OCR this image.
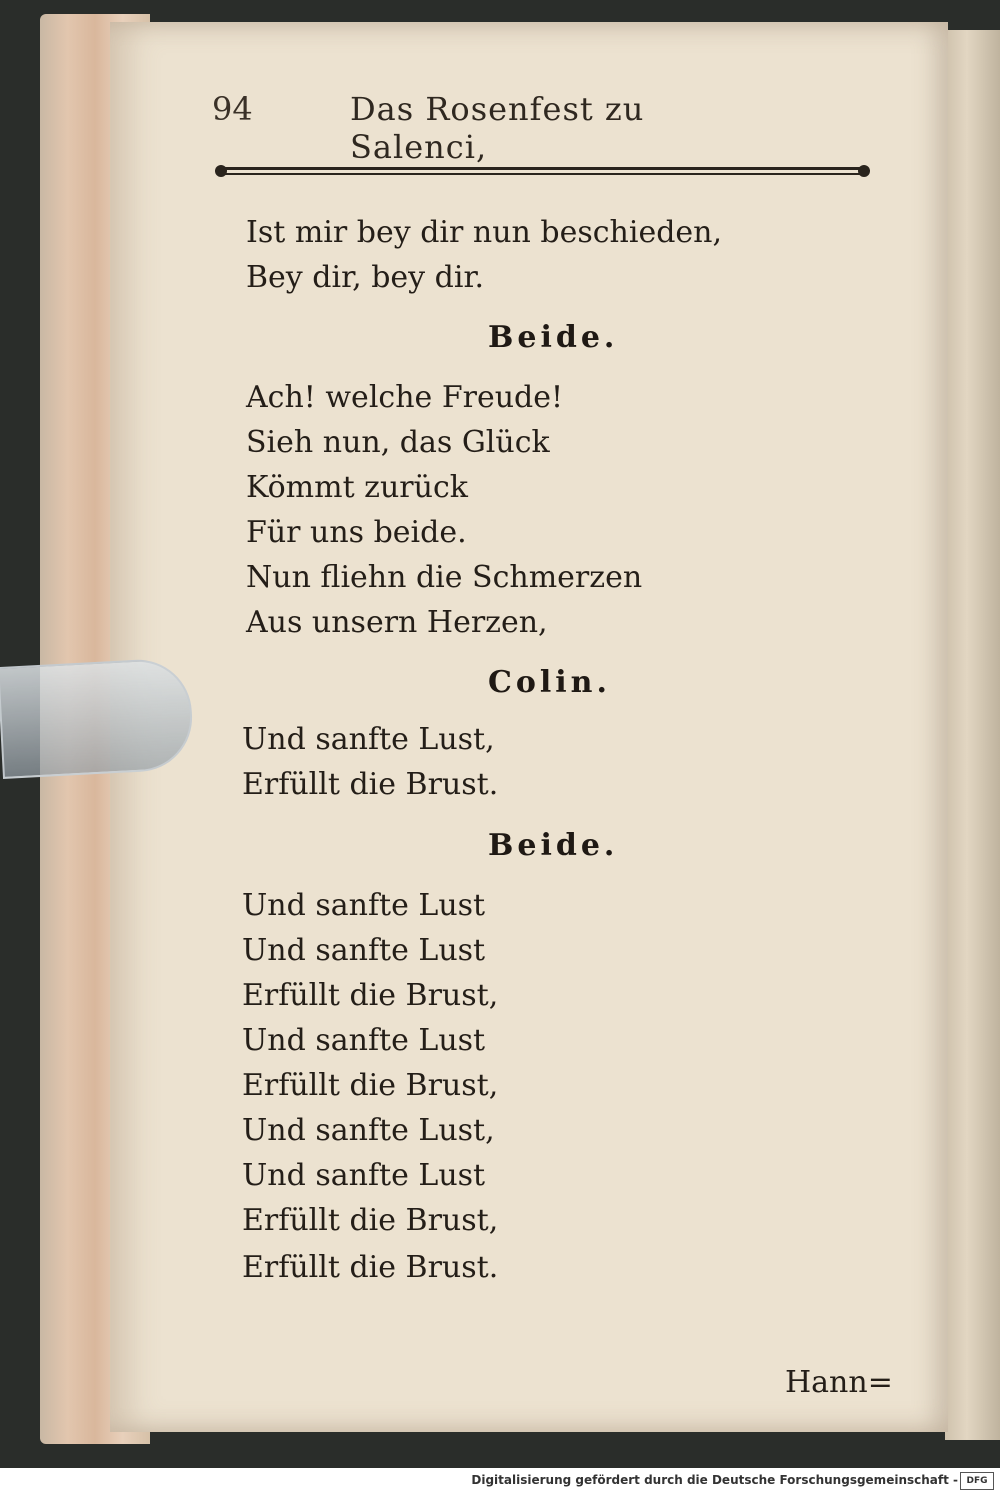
94	Das Rosenfest zu Salenci,
Ist mir bey dir nun beschieden,
Bey dir, bey dir.
Beide.
Ach! welche Freude!
Sieh nun, das Glück
Kömmt zurück
Für uns beide.
Nun fliehn die Schmerzen
Aus unsern Herzen,
Colin.
Und sanfte Lust,
Erfüllt die Brust.
Beide.
Und sanfte Lust
Und sanfte Lust
Erfüllt die Brust,
Und sanfte Lust
Erfüllt die Brust,
Und sanfte Lust,
Und sanfte Lust
Erfüllt die Brust,
Erfüllt die Brust.
Hann=
Digitalisierung gefördert durch die Deutsche Forschungsgemeinschaft - DFG
